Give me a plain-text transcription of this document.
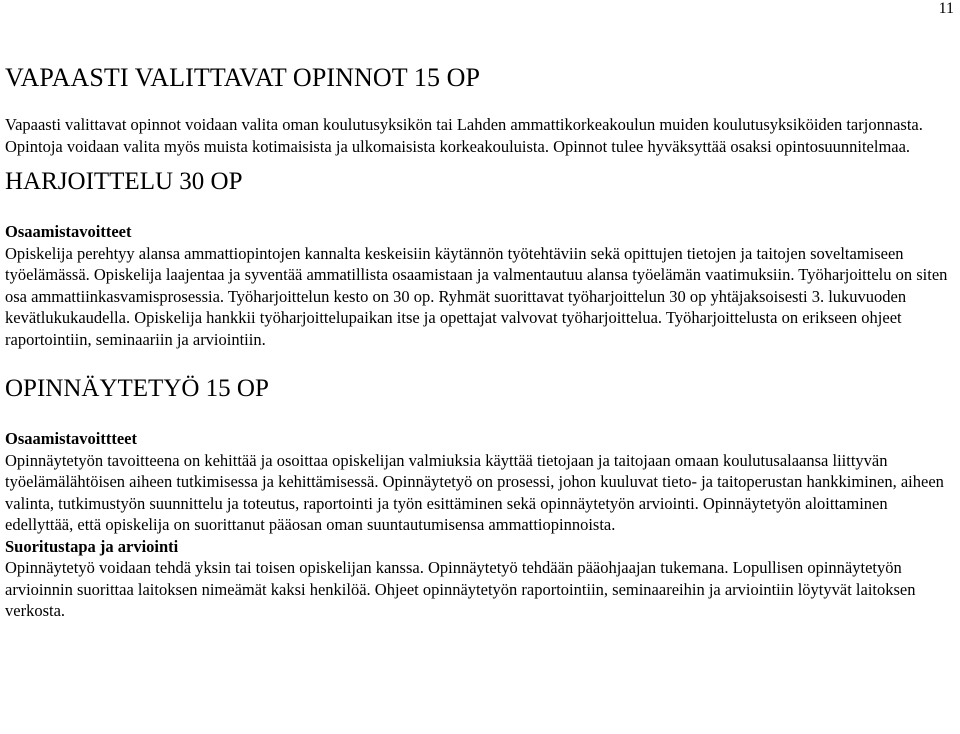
11
VAPAASTI VALITTAVAT OPINNOT 15 OP

Vapaasti valittavat opinnot voidaan valita oman koulutusyksikön tai Lahden ammattikorkeakoulun muiden koulutusyksiköiden tarjonnasta. Opintoja voidaan valita myös muista kotimaisista ja ulkomaisista korkeakouluista. Opinnot tulee hyväksyttää osaksi opintosuunnitelmaa.

HARJOITTELU 30 OP

Osaamistavoitteet

Opiskelija perehtyy alansa ammattiopintojen kannalta keskeisiin käytännön työtehtäviin sekä opittujen tietojen ja taitojen soveltamiseen työelämässä. Opiskelija laajentaa ja syventää ammatillista osaamistaan ja valmentautuu alansa työelämän vaatimuksiin. Työharjoittelu on siten osa ammattiinkasvamisprosessia. Työharjoittelun kesto on 30 op. Ryhmät suorittavat työharjoittelun 30 op yhtäjaksoisesti 3. lukuvuoden kevätlukukaudella. Opiskelija hankkii työharjoittelupaikan itse ja opettajat valvovat työharjoittelua. Työharjoittelusta on erikseen ohjeet raportointiin, seminaariin ja arviointiin.

OPINNÄYTETYÖ 15 OP

Osaamistavoittteet

Opinnäytetyön tavoitteena on kehittää ja osoittaa opiskelijan valmiuksia käyttää tietojaan ja taitojaan omaan koulutusalaansa liittyvän työelämälähtöisen aiheen tutkimisessa ja kehittämisessä. Opinnäytetyö on prosessi, johon kuuluvat tieto- ja taitoperustan hankkiminen, aiheen valinta, tutkimustyön suunnittelu ja toteutus, raportointi ja työn esittäminen sekä opinnäytetyön arviointi. Opinnäytetyön aloittaminen edellyttää, että opiskelija on suorittanut pääosan oman suuntautumisensa ammattiopinnoista.

Suoritustapa ja arviointi

Opinnäytetyö voidaan tehdä yksin tai toisen opiskelijan kanssa. Opinnäytetyö tehdään pääohjaajan tukemana. Lopullisen opinnäytetyön arvioinnin suorittaa laitoksen nimeämät kaksi henkilöä. Ohjeet opinnäytetyön raportointiin, seminaareihin ja arviointiin löytyvät laitoksen verkosta.
